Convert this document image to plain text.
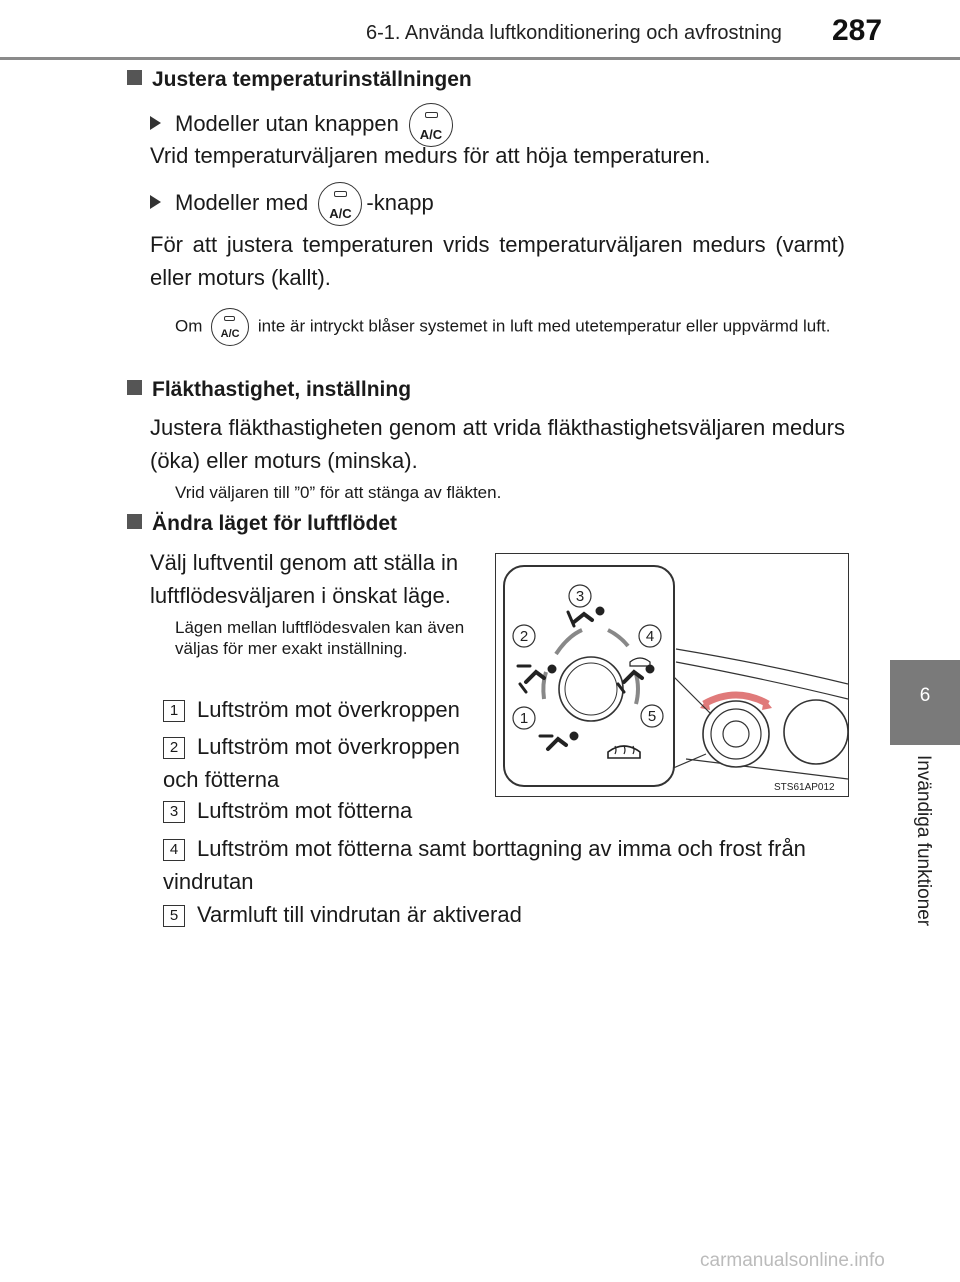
6-1. Använda luftkonditionering och avfrostning 287
6
Invändiga funktioner
Justera temperaturinställningen
Modeller utan knappen	A/C
Vrid temperaturväljaren medurs för att höja temperaturen.
Modeller med	A/C -knapp
För att justera temperaturen vrids temperaturväljaren medurs (varmt) eller moturs (kallt).
Om	A/C	inte är intryckt blåser systemet in luft med utetemperatur eller uppvärmd luft.
Fläkthastighet, inställning
Justera fläkthastigheten genom att vrida fläkthastighetsväljaren medurs (öka) eller moturs (minska).
Vrid väljaren till ”0” för att stänga av fläkten.
Ändra läget för luftflödet
Välj luftventil genom att ställa in luftflödesväljaren i önskat läge.
Lägen mellan luftflödesvalen kan även väljas för mer exakt inställning.
1 Luftström mot överkroppen
2 Luftström mot överkroppen och fötterna
3 Luftström mot fötterna
4 Luftström mot fötterna samt borttagning av imma och frost från vindrutan
5 Varmluft till vindrutan är aktiverad
1
2
3
4
5
STS61AP012
carmanualsonline.info
